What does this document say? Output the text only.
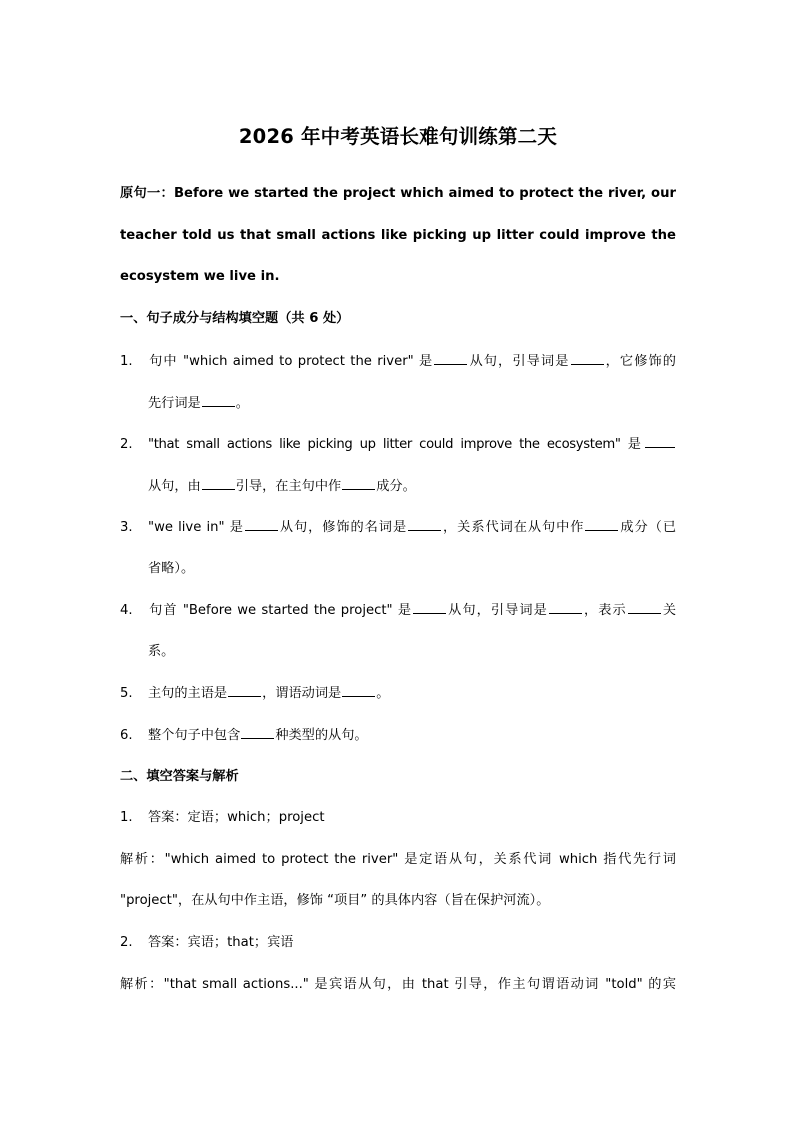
2026 年中考英语长难句训练第二天
原句一：Before we started the project which aimed to protect the river, our
teacher told us that small actions like picking up litter could improve the
ecosystem we live in.
一、句子成分与结构填空题（共 6 处）
1. 句中 "which aimed to protect the river" 是	从句，引导词是	，它修饰的
先行词是	。
2. "that small actions like picking up litter could improve the ecosystem" 是
从句，由	引导，在主句中作	成分。
3. "we live in" 是	从句，修饰的名词是	，关系代词在从句中作	成分（已
省略）。
4. 句首 "Before we started the project" 是	从句，引导词是	，表示	关
系。
5. 主句的主语是	，谓语动词是	。
6. 整个句子中包含	种类型的从句。
二、填空答案与解析
1. 答案：定语；which；project
解析："which aimed to protect the river" 是定语从句，关系代词 which 指代先行词
"project"，在从句中作主语，修饰 “项目” 的具体内容（旨在保护河流）。
2. 答案：宾语；that；宾语
解析："that small actions..." 是宾语从句，由 that 引导，作主句谓语动词 "told" 的宾
